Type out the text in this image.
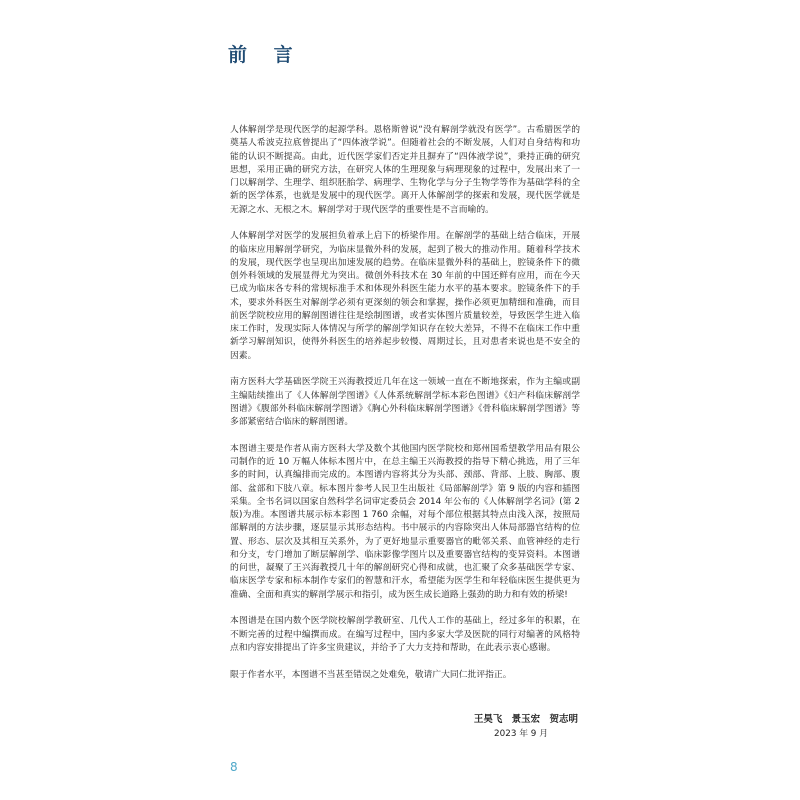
前 言

人体解剖学是现代医学的起源学科。恩格斯曾说“没有解剖学就没有医学”。古希腊医学的奠基人希波克拉底曾提出了“四体液学说”。但随着社会的不断发展，人们对自身结构和功能的认识不断提高。由此，近代医学家们否定并且摒弃了“四体液学说”，秉持正确的研究思想，采用正确的研究方法，在研究人体的生理现象与病理现象的过程中，发展出来了一门以解剖学、生理学、组织胚胎学、病理学、生物化学与分子生物学等作为基础学科的全新的医学体系，也就是发展中的现代医学。离开人体解剖学的探索和发展，现代医学就是无源之水、无根之木。解剖学对于现代医学的重要性是不言而喻的。

人体解剖学对医学的发展担负着承上启下的桥梁作用。在解剖学的基础上结合临床，开展的临床应用解剖学研究，为临床显微外科的发展，起到了极大的推动作用。随着科学技术的发展，现代医学也呈现出加速发展的趋势。在临床显微外科的基础上，腔镜条件下的微创外科领域的发展显得尤为突出。微创外科技术在 30 年前的中国还鲜有应用，而在今天已成为临床各专科的常规标准手术和体现外科医生能力水平的基本要求。腔镜条件下的手术，要求外科医生对解剖学必须有更深刻的领会和掌握，操作必须更加精细和准确，而目前医学院校应用的解剖图谱往往是绘制图谱，或者实体图片质量较差，导致医学生进入临床工作时，发现实际人体情况与所学的解剖学知识存在较大差异，不得不在临床工作中重新学习解剖知识，使得外科医生的培养起步较慢、周期过长，且对患者来说也是不安全的因素。

南方医科大学基础医学院王兴海教授近几年在这一领域一直在不断地探索，作为主编或副主编陆续推出了《人体解剖学图谱》《人体系统解剖学标本彩色图谱》《妇产科临床解剖学图谱》《腹部外科临床解剖学图谱》《胸心外科临床解剖学图谱》《骨科临床解剖学图谱》等多部紧密结合临床的解剖图谱。

本图谱主要是作者从南方医科大学及数个其他国内医学院校和郑州国希望教学用品有限公司制作的近 10 万幅人体标本图片中，在总主编王兴海教授的指导下精心挑选，用了三年多的时间，认真编排而完成的。本图谱内容将其分为头部、颈部、背部、上肢、胸部、腹部、盆部和下肢八章。标本图片参考人民卫生出版社《局部解剖学》第 9 版的内容和插图采集。全书名词以国家自然科学名词审定委员会 2014 年公布的《人体解剖学名词》(第 2 版)为准。本图谱共展示标本彩图 1 760 余幅，对每个部位根据其特点由浅入深，按照局部解剖的方法步骤，逐层显示其形态结构。书中展示的内容除突出人体局部器官结构的位置、形态、层次及其相互关系外，为了更好地显示重要器官的毗邻关系、血管神经的走行和分支，专门增加了断层解剖学、临床影像学图片以及重要器官结构的变异资料。本图谱的问世，凝聚了王兴海教授几十年的解剖研究心得和成就，也汇聚了众多基础医学专家、临床医学专家和标本制作专家们的智慧和汗水，希望能为医学生和年轻临床医生提供更为准确、全面和真实的解剖学展示和指引，成为医生成长道路上强劲的助力和有效的桥梁!

本图谱是在国内数个医学院校解剖学教研室、几代人工作的基础上，经过多年的积累，在不断完善的过程中编撰而成。在编写过程中，国内多家大学及医院的同行对编著的风格特点和内容安排提出了许多宝贵建议，并给予了大力支持和帮助，在此表示衷心感谢。

限于作者水平，本图谱不当甚至错误之处难免，敬请广大同仁批评指正。

王昊飞 景玉宏 贺志明
2023 年 9 月
8
